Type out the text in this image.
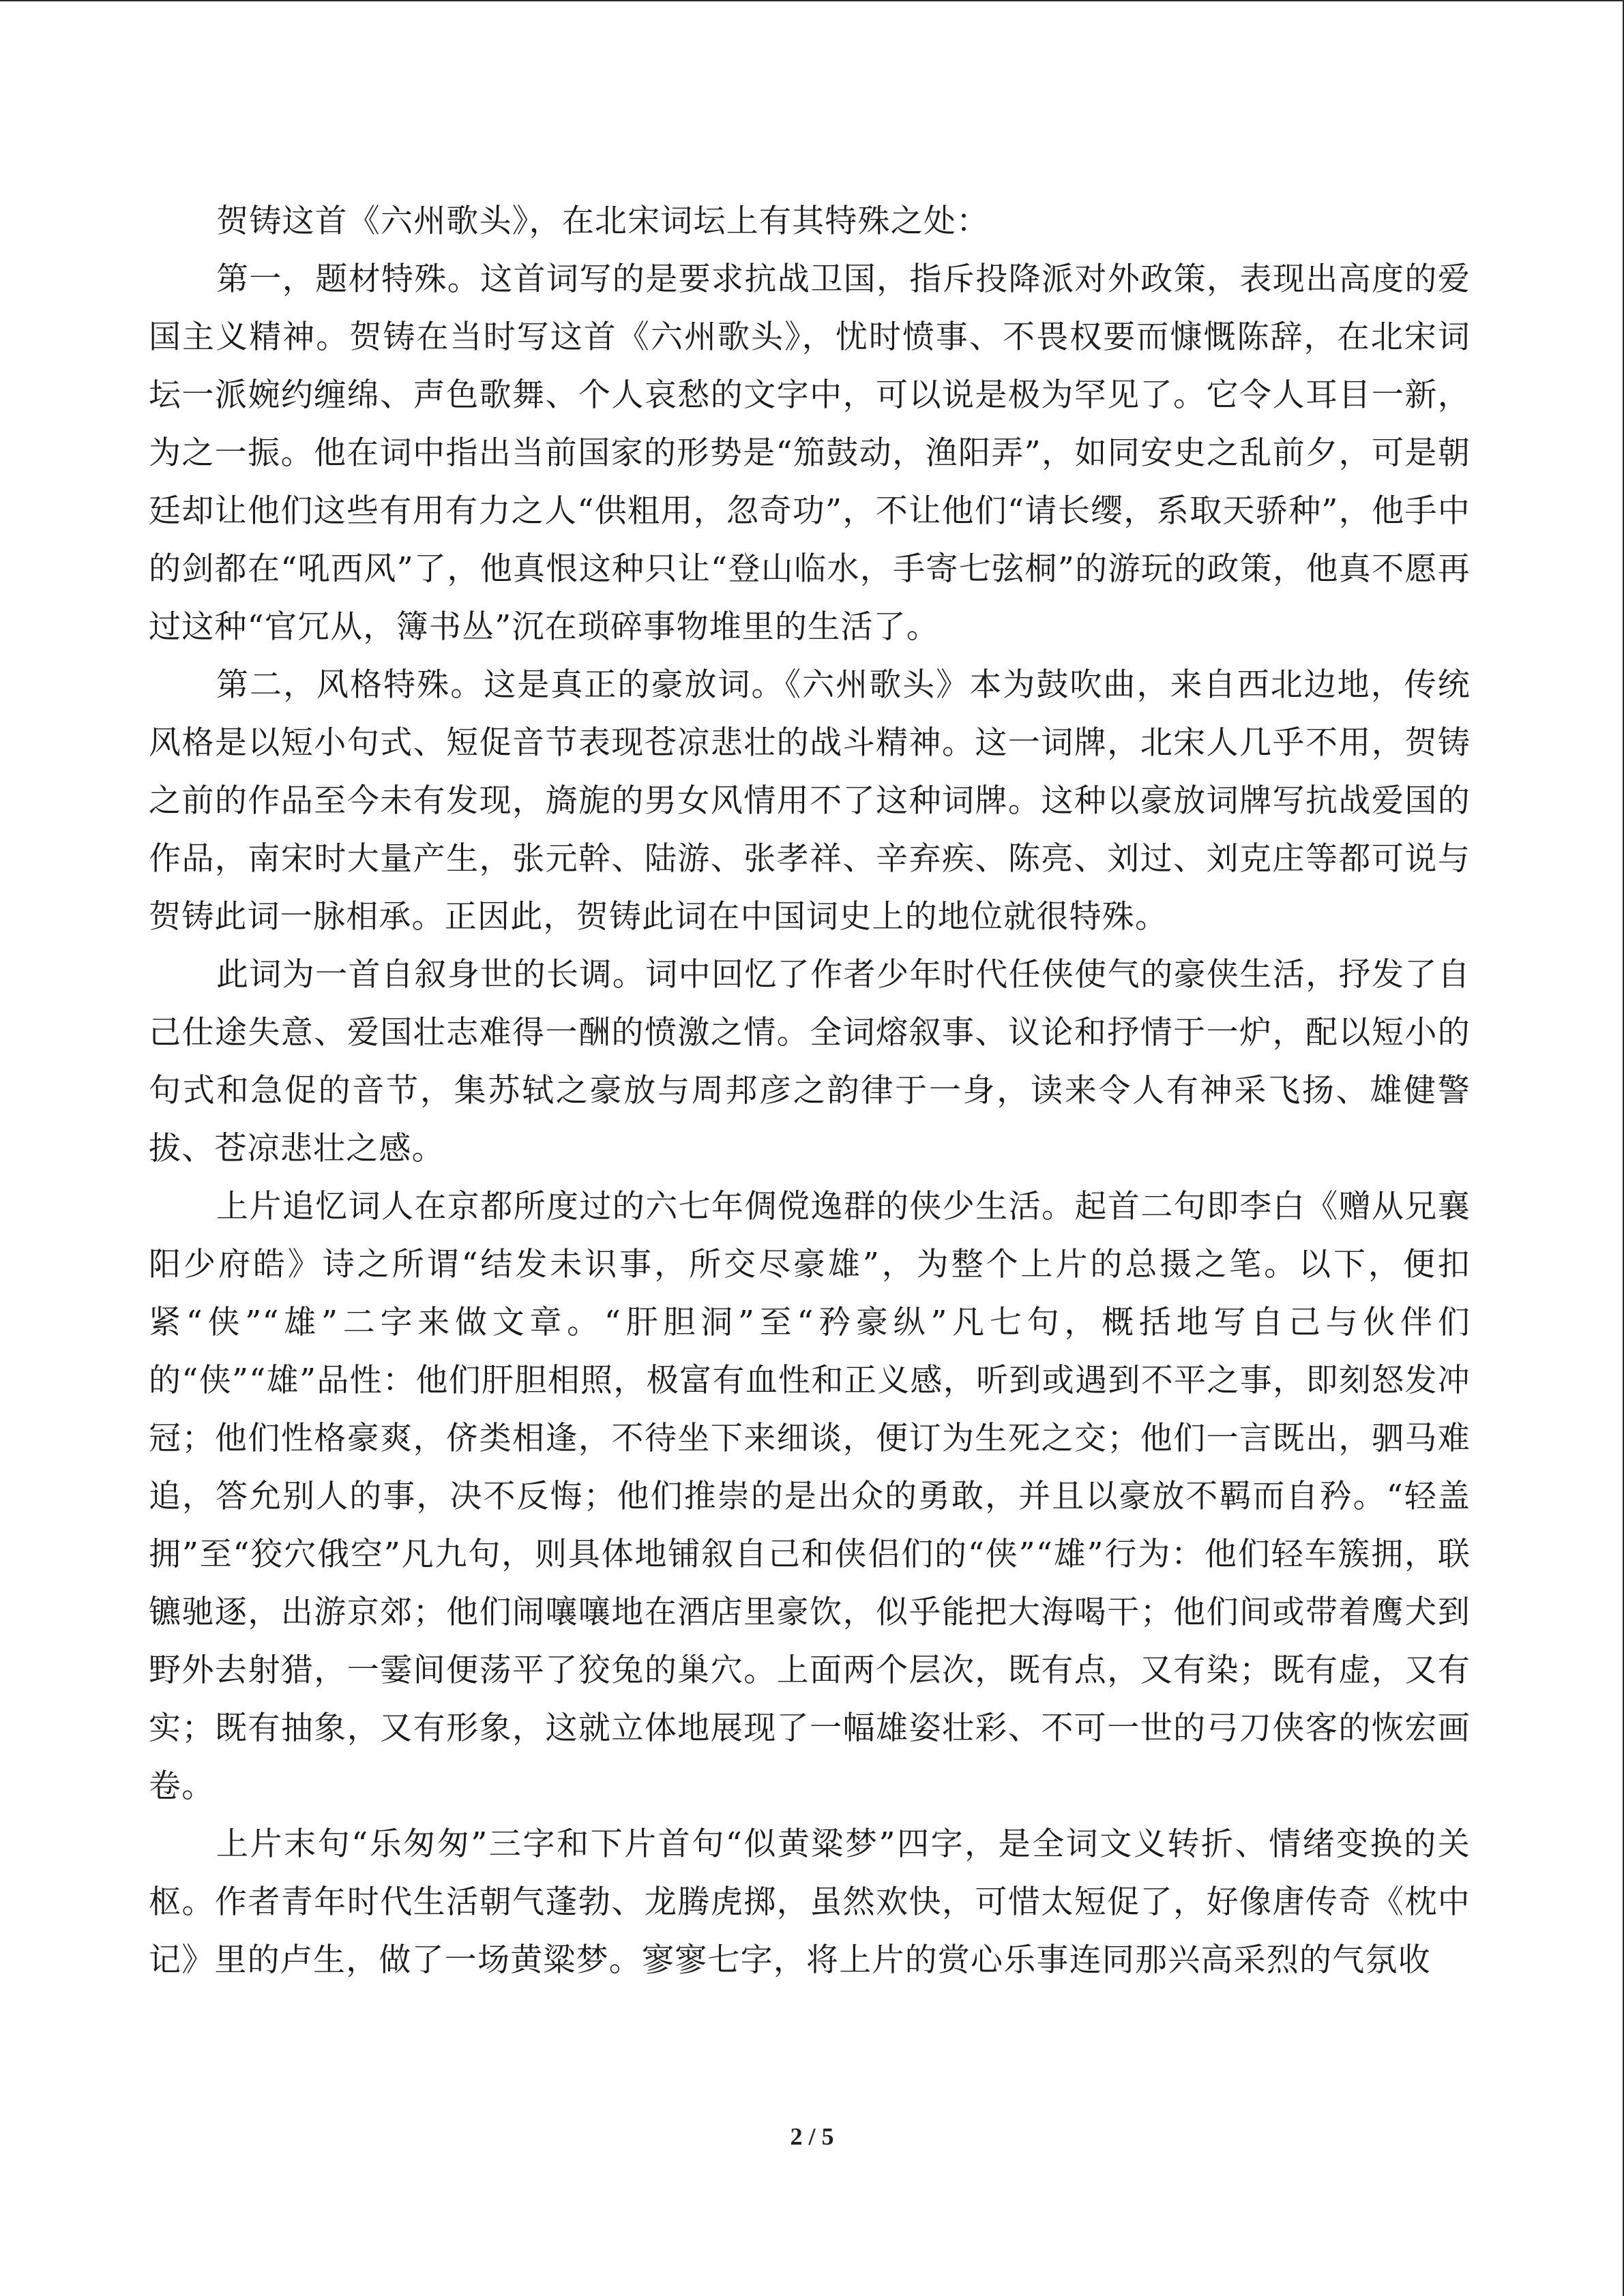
贺铸这首《六州歌头》，在北宋词坛上有其特殊之处：

第一，题材特殊。这首词写的是要求抗战卫国，指斥投降派对外政策，表现出高度的爱国主义精神。贺铸在当时写这首《六州歌头》，忧时愤事、不畏权要而慷慨陈辞，在北宋词坛一派婉约缠绵、声色歌舞、个人哀愁的文字中，可以说是极为罕见了。它令人耳目一新，为之一振。他在词中指出当前国家的形势是“笳鼓动，渔阳弄”，如同安史之乱前夕，可是朝廷却让他们这些有用有力之人“供粗用，忽奇功”，不让他们“请长缨，系取天骄种”，他手中的剑都在“吼西风”了，他真恨这种只让“登山临水，手寄七弦桐”的游玩的政策，他真不愿再过这种“官冗从，簿书丛”沉在琐碎事物堆里的生活了。

第二，风格特殊。这是真正的豪放词。《六州歌头》本为鼓吹曲，来自西北边地，传统风格是以短小句式、短促音节表现苍凉悲壮的战斗精神。这一词牌，北宋人几乎不用，贺铸之前的作品至今未有发现，旖旎的男女风情用不了这种词牌。这种以豪放词牌写抗战爱国的作品，南宋时大量产生，张元幹、陆游、张孝祥、辛弃疾、陈亮、刘过、刘克庄等都可说与贺铸此词一脉相承。正因此，贺铸此词在中国词史上的地位就很特殊。

此词为一首自叙身世的长调。词中回忆了作者少年时代任侠使气的豪侠生活，抒发了自己仕途失意、爱国壮志难得一酬的愤激之情。全词熔叙事、议论和抒情于一炉，配以短小的句式和急促的音节，集苏轼之豪放与周邦彦之韵律于一身，读来令人有神采飞扬、雄健警拔、苍凉悲壮之感。

上片追忆词人在京都所度过的六七年倜傥逸群的侠少生活。起首二句即李白《赠从兄襄阳少府皓》诗之所谓“结发未识事，所交尽豪雄”，为整个上片的总摄之笔。以下，便扣紧“侠”“雄”二字来做文章。“肝胆洞”至“矜豪纵”凡七句，概括地写自己与伙伴们的“侠”“雄”品性：他们肝胆相照，极富有血性和正义感，听到或遇到不平之事，即刻怒发冲冠；他们性格豪爽，侪类相逢，不待坐下来细谈，便订为生死之交；他们一言既出，驷马难追，答允别人的事，决不反悔；他们推崇的是出众的勇敢，并且以豪放不羁而自矜。“轻盖拥”至“狡穴俄空”凡九句，则具体地铺叙自己和侠侣们的“侠”“雄”行为：他们轻车簇拥，联镳驰逐，出游京郊；他们闹嚷嚷地在酒店里豪饮，似乎能把大海喝干；他们间或带着鹰犬到野外去射猎，一霎间便荡平了狡兔的巢穴。上面两个层次，既有点，又有染；既有虚，又有实；既有抽象，又有形象，这就立体地展现了一幅雄姿壮彩、不可一世的弓刀侠客的恢宏画卷。

上片末句“乐匆匆”三字和下片首句“似黄粱梦”四字，是全词文义转折、情绪变换的关枢。作者青年时代生活朝气蓬勃、龙腾虎掷，虽然欢快，可惜太短促了，好像唐传奇《枕中记》里的卢生，做了一场黄粱梦。寥寥七字，将上片的赏心乐事连同那兴高采烈的气氛收

2 / 5
